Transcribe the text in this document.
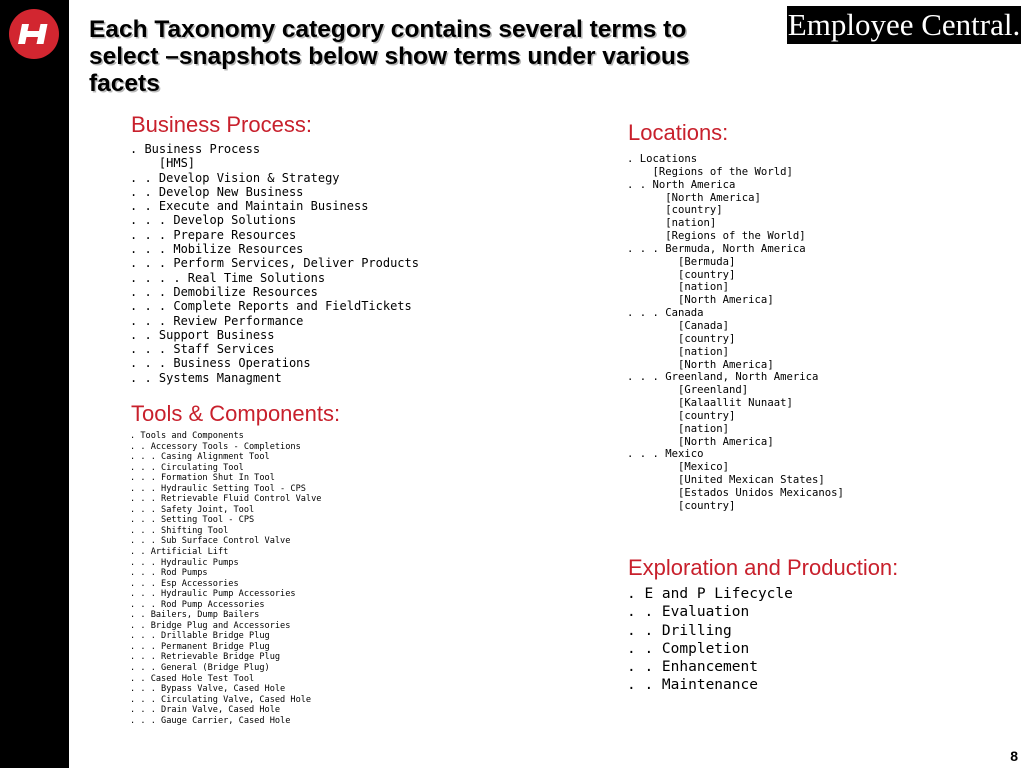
Each Taxonomy category contains several terms to select –snapshots below show terms under various facets
Employee Central.
Business Process:
. Business Process
[HMS]
. . Develop Vision & Strategy
. . Develop New Business
. . Execute and Maintain Business
. . . Develop Solutions
. . . Prepare Resources
. . . Mobilize Resources
. . . Perform Services, Deliver Products
. . . . Real Time Solutions
. . . Demobilize Resources
. . . Complete Reports and FieldTickets
. . . Review Performance
. . Support Business
. . . Staff Services
. . . Business Operations
. . Systems Managment
Tools & Components:
. Tools and Components
. . Accessory Tools - Completions
. . . Casing Alignment Tool
. . . Circulating Tool
. . . Formation Shut In Tool
. . . Hydraulic Setting Tool - CPS
. . . Retrievable Fluid Control Valve
. . . Safety Joint, Tool
. . . Setting Tool - CPS
. . . Shifting Tool
. . . Sub Surface Control Valve
. . Artificial Lift
. . . Hydraulic Pumps
. . . Rod Pumps
. . . Esp Accessories
. . . Hydraulic Pump Accessories
. . . Rod Pump Accessories
. . Bailers, Dump Bailers
. . Bridge Plug and Accessories
. . . Drillable Bridge Plug
. . . Permanent Bridge Plug
. . . Retrievable Bridge Plug
. . . General (Bridge Plug)
. . Cased Hole Test Tool
. . . Bypass Valve, Cased Hole
. . . Circulating Valve, Cased Hole
. . . Drain Valve, Cased Hole
. . . Gauge Carrier, Cased Hole
Locations:
. Locations
[Regions of the World]
. . North America
[North America]
[country]
[nation]
[Regions of the World]
. . . Bermuda, North America
[Bermuda]
[country]
[nation]
[North America]
. . . Canada
[Canada]
[country]
[nation]
[North America]
. . . Greenland, North America
[Greenland]
[Kalaallit Nunaat]
[country]
[nation]
[North America]
. . . Mexico
[Mexico]
[United Mexican States]
[Estados Unidos Mexicanos]
[country]
Exploration and Production:
. E and P Lifecycle
. . Evaluation
. . Drilling
. . Completion
. . Enhancement
. . Maintenance
8
